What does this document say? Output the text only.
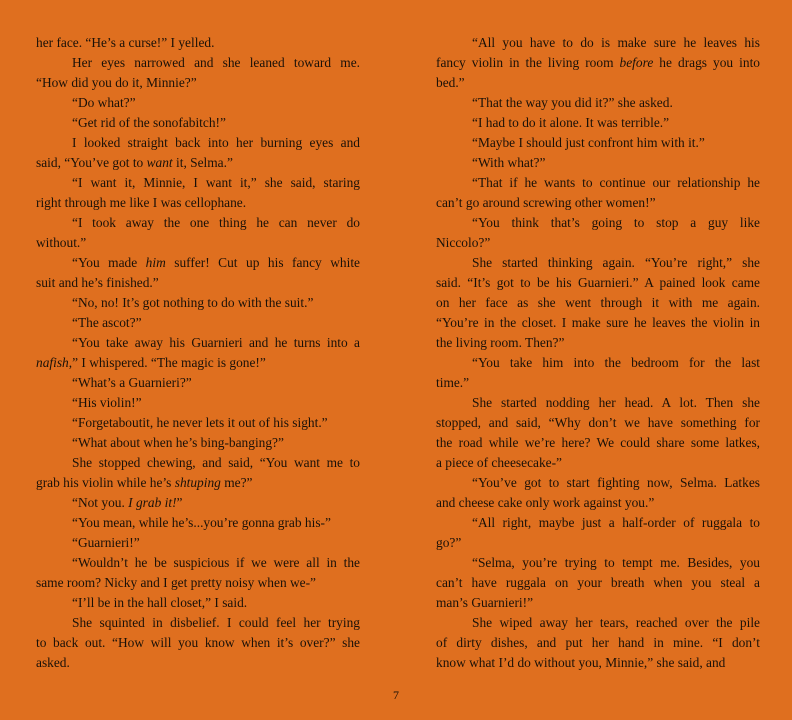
her face. “He’s a curse!” I yelled.
Her eyes narrowed and she leaned toward me.
“How did you do it, Minnie?”
“Do what?”
“Get rid of the sonofabitch!”
I looked straight back into her burning eyes and
said, “You’ve got to want it, Selma.”
“I want it, Minnie, I want it,” she said, staring
right through me like I was cellophane.
“I took away the one thing he can never do
without.”
“You made him suffer! Cut up his fancy white
suit and he’s finished.”
“No, no! It’s got nothing to do with the suit.”
“The ascot?”
“You take away his Guarnieri and he turns into a
nafish,” I whispered. “The magic is gone!”
“What’s a Guarnieri?”
“His violin!”
“Forgetaboutit, he never lets it out of his sight.”
“What about when he’s bing-banging?”
She stopped chewing, and said, “You want me to
grab his violin while he’s shtuping me?”
“Not you. I grab it!”
“You mean, while he’s...you’re gonna grab his-”
“Guarnieri!”
“Wouldn’t he be suspicious if we were all in the
same room? Nicky and I get pretty noisy when we-”
“I’ll be in the hall closet,” I said.
She squinted in disbelief. I could feel her trying
to back out. “How will you know when it’s over?” she
asked.
“All you have to do is make sure he leaves his
fancy violin in the living room before he drags you into
bed.”
“That the way you did it?” she asked.
“I had to do it alone. It was terrible.”
“Maybe I should just confront him with it.”
“With what?”
“That if he wants to continue our relationship he
can’t go around screwing other women!”
“You think that’s going to stop a guy like
Niccolo?”
She started thinking again. “You’re right,” she
said. “It’s got to be his Guarnieri.” A pained look came
on her face as she went through it with me again.
“You’re in the closet. I make sure he leaves the violin in
the living room. Then?”
“You take him into the bedroom for the last
time.”
She started nodding her head. A lot. Then she
stopped, and said, “Why don’t we have something for
the road while we’re here? We could share some latkes,
a piece of cheesecake-”
“You’ve got to start fighting now, Selma. Latkes
and cheese cake only work against you.”
“All right, maybe just a half-order of ruggala to
go?”
“Selma, you’re trying to tempt me. Besides, you
can’t have ruggala on your breath when you steal a
man’s Guarnieri!”
She wiped away her tears, reached over the pile
of dirty dishes, and put her hand in mine. “I don’t
know what I’d do without you, Minnie,” she said, and
7
